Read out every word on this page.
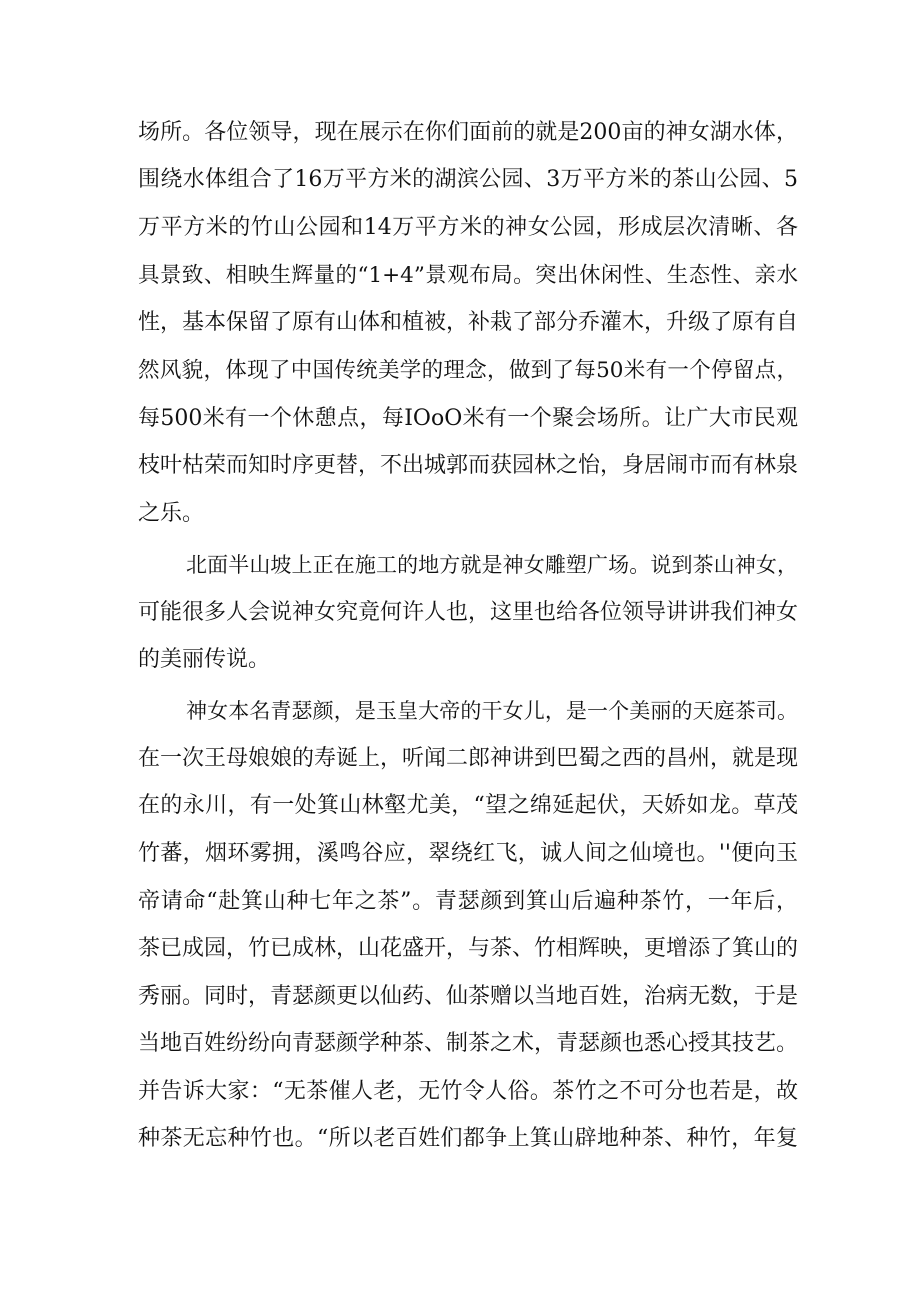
场所。各位领导，现在展示在你们面前的就是200亩的神女湖水体，
围绕水体组合了16万平方米的湖滨公园、3万平方米的茶山公园、5
万平方米的竹山公园和14万平方米的神女公园，形成层次清晰、各
具景致、相映生辉量的“1+4”景观布局。突出休闲性、生态性、亲水
性，基本保留了原有山体和植被，补栽了部分乔灌木，升级了原有自
然风貌，体现了中国传统美学的理念，做到了每50米有一个停留点，
每500米有一个休憩点，每IOoO米有一个聚会场所。让广大市民观
枝叶枯荣而知时序更替，不出城郭而获园林之怡，身居闹市而有林泉
之乐。
北面半山坡上正在施工的地方就是神女雕塑广场。说到茶山神女，
可能很多人会说神女究竟何许人也，这里也给各位领导讲讲我们神女
的美丽传说。
神女本名青瑟颜，是玉皇大帝的干女儿，是一个美丽的天庭茶司。
在一次王母娘娘的寿诞上，听闻二郎神讲到巴蜀之西的昌州，就是现
在的永川，有一处箕山林壑尤美，“望之绵延起伏，天娇如龙。草茂
竹蕃，烟环雾拥，溪鸣谷应，翠绕红飞，诚人间之仙境也。''便向玉
帝请命“赴箕山种七年之茶”。青瑟颜到箕山后遍种茶竹，一年后，
茶已成园，竹已成林，山花盛开，与茶、竹相辉映，更增添了箕山的
秀丽。同时，青瑟颜更以仙药、仙茶赠以当地百姓，治病无数，于是
当地百姓纷纷向青瑟颜学种茶、制茶之术，青瑟颜也悉心授其技艺。
并告诉大家：“无茶催人老，无竹令人俗。茶竹之不可分也若是，故
种茶无忘种竹也。“所以老百姓们都争上箕山辟地种茶、种竹，年复
